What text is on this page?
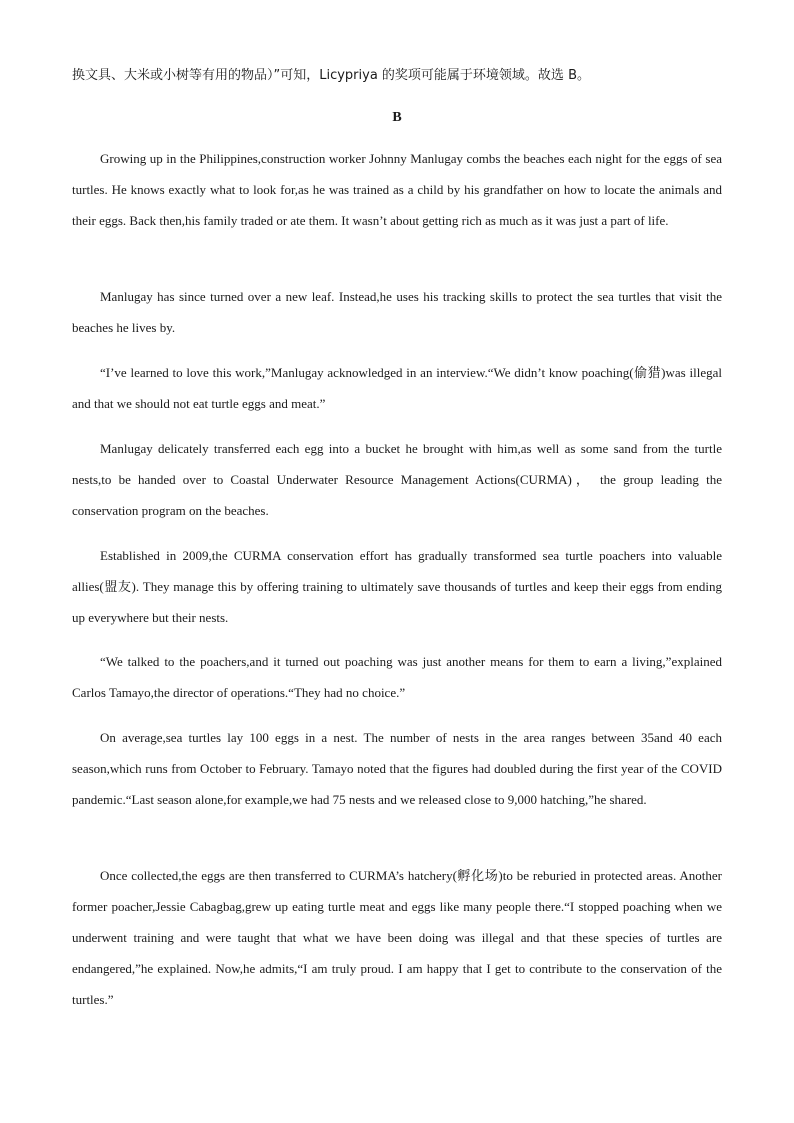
换文具、大米或小树等有用的物品）”可知，Licypriya 的奖项可能属于环境领域。故选 B。

B

Growing up in the Philippines,construction worker Johnny Manlugay combs the beaches each night for the eggs of sea turtles. He knows exactly what to look for,as he was trained as a child by his grandfather on how to locate the animals and their eggs. Back then,his family traded or ate them. It wasn’t about getting rich as much as it was just a part of life.

Manlugay has since turned over a new leaf. Instead,he uses his tracking skills to protect the sea turtles that visit the beaches he lives by.

“I’ve learned to love this work,”Manlugay acknowledged in an interview.“We didn’t know poaching(偷猎)was illegal and that we should not eat turtle eggs and meat.”

Manlugay delicately transferred each egg into a bucket he brought with him,as well as some sand from the turtle nests,to be handed over to Coastal Underwater Resource Management Actions(CURMA)， the group leading the conservation program on the beaches.

Established in 2009,the CURMA conservation effort has gradually transformed sea turtle poachers into valuable allies(盟友). They manage this by offering training to ultimately save thousands of turtles and keep their eggs from ending up everywhere but their nests.

“We talked to the poachers,and it turned out poaching was just another means for them to earn a living,”explained Carlos Tamayo,the director of operations.“They had no choice.”

On average,sea turtles lay 100 eggs in a nest. The number of nests in the area ranges between 35and 40 each season,which runs from October to February. Tamayo noted that the figures had doubled during the first year of the COVID pandemic.“Last season alone,for example,we had 75 nests and we released close to 9,000 hatching,”he shared.

Once collected,the eggs are then transferred to CURMA’s hatchery(孵化场)to be reburied in protected areas. Another former poacher,Jessie Cabagbag,grew up eating turtle meat and eggs like many people there.“I stopped poaching when we underwent training and were taught that what we have been doing was illegal and that these species of turtles are endangered,”he explained. Now,he admits,“I am truly proud. I am happy that I get to contribute to the conservation of the turtles.”
